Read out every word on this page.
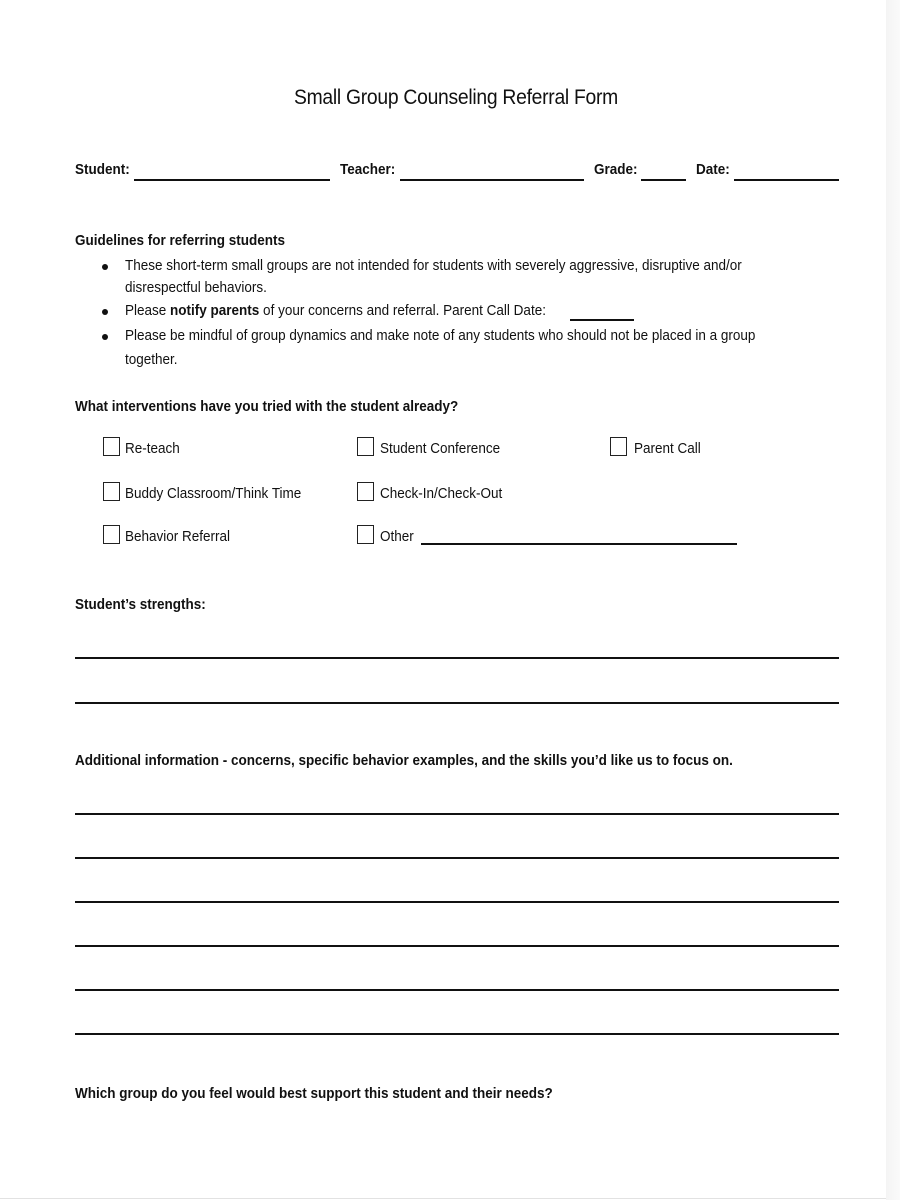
Small Group Counseling Referral Form
Student:	Teacher:	Grade:	Date:
Guidelines for referring students
These short-term small groups are not intended for students with severely aggressive, disruptive and/or
disrespectful behaviors.
Please notify parents of your concerns and referral. Parent Call Date:
Please be mindful of group dynamics and make note of any students who should not be placed in a group
together.
What interventions have you tried with the student already?
Re-teach	Student Conference	Parent Call
Buddy Classroom/Think Time	Check-In/Check-Out
Behavior Referral	Other
Student’s strengths:
Additional information - concerns, specific behavior examples, and the skills you’d like us to focus on.
Which group do you feel would best support this student and their needs?
